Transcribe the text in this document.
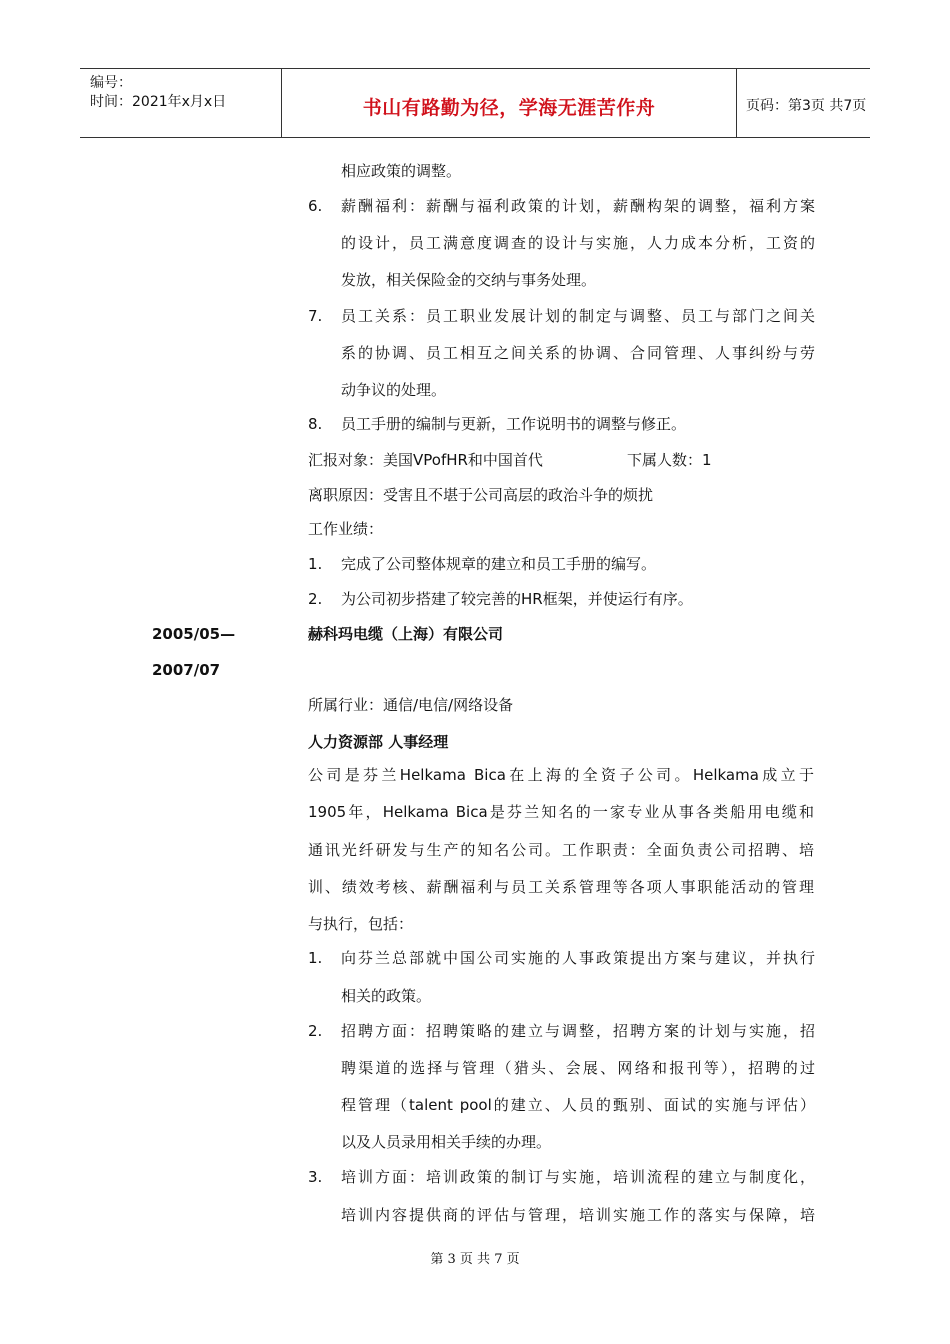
编号：
时间：2021年x月x日	书山有路勤为径，学海无涯苦作舟	页码：第3页 共7页
相应政策的调整。
6. 薪酬福利：薪酬与福利政策的计划，薪酬构架的调整，福利方案
的设计，员工满意度调查的设计与实施，人力成本分析，工资的
发放，相关保险金的交纳与事务处理。
7. 员工关系：员工职业发展计划的制定与调整、员工与部门之间关
系的协调、员工相互之间关系的协调、合同管理、人事纠纷与劳
动争议的处理。
8. 员工手册的编制与更新，工作说明书的调整与修正。
汇报对象：美国VPofHR和中国首代	下属人数：1
离职原因：受害且不堪于公司高层的政治斗争的烦扰
工作业绩：
1. 完成了公司整体规章的建立和员工手册的编写。
2. 为公司初步搭建了较完善的HR框架，并使运行有序。
2005/05—
2007/07
赫科玛电缆（上海）有限公司
所属行业：通信/电信/网络设备
人力资源部 人事经理
公司是芬兰Helkama Bica在上海的全资子公司。Helkama成立于
1905年，Helkama Bica是芬兰知名的一家专业从事各类船用电缆和
通讯光纤研发与生产的知名公司。工作职责：全面负责公司招聘、培
训、绩效考核、薪酬福利与员工关系管理等各项人事职能活动的管理
与执行，包括：
1. 向芬兰总部就中国公司实施的人事政策提出方案与建议，并执行
相关的政策。
2. 招聘方面：招聘策略的建立与调整，招聘方案的计划与实施，招
聘渠道的选择与管理（猎头、会展、网络和报刊等），招聘的过
程管理（talent pool的建立、人员的甄别、面试的实施与评估）
以及人员录用相关手续的办理。
3. 培训方面：培训政策的制订与实施，培训流程的建立与制度化，
培训内容提供商的评估与管理，培训实施工作的落实与保障，培
第 3 页 共 7 页
